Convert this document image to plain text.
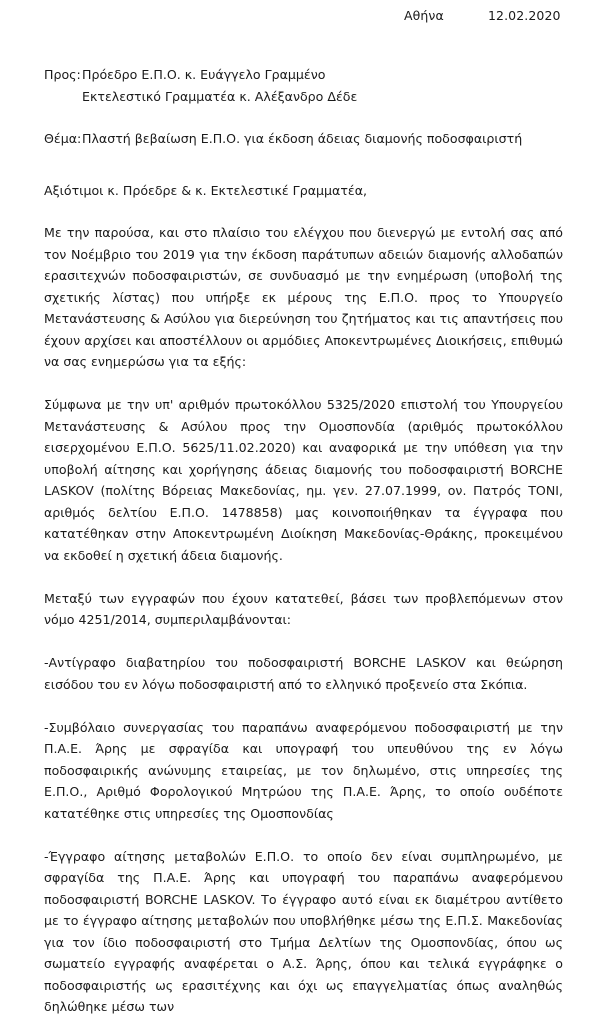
Αθήνα	12.02.2020
Προς: Πρόεδρο Ε.Π.Ο. κ. Ευάγγελο Γραμμένο
Εκτελεστικό Γραμματέα κ. Αλέξανδρο Δέδε
Θέμα: Πλαστή βεβαίωση Ε.Π.Ο. για έκδοση άδειας διαμονής ποδοσφαιριστή
Αξιότιμοι κ. Πρόεδρε & κ. Εκτελεστικέ Γραμματέα,

Με την παρούσα, και στο πλαίσιο του ελέγχου που διενεργώ με εντολή σας από τον Νοέμβριο του 2019 για την έκδοση παράτυπων αδειών διαμονής αλλοδαπών ερασιτεχνών ποδοσφαιριστών, σε συνδυασμό με την ενημέρωση (υποβολή της σχετικής λίστας) που υπήρξε εκ μέρους της Ε.Π.Ο. προς το Υπουργείο Μετανάστευσης & Ασύλου για διερεύνηση του ζητήματος και τις απαντήσεις που έχουν αρχίσει και αποστέλλουν οι αρμόδιες Αποκεντρωμένες Διοικήσεις, επιθυμώ να σας ενημερώσω για τα εξής:

Σύμφωνα με την υπ' αριθμόν πρωτοκόλλου 5325/2020 επιστολή του Υπουργείου Μετανάστευσης & Ασύλου προς την Ομοσπονδία (αριθμός πρωτοκόλλου εισερχομένου Ε.Π.Ο. 5625/11.02.2020) και αναφορικά με την υπόθεση για την υποβολή αίτησης και χορήγησης άδειας διαμονής του ποδοσφαιριστή BORCHE LASKOV (πολίτης Βόρειας Μακεδονίας, ημ. γεν. 27.07.1999, ον. Πατρός TONI, αριθμός δελτίου Ε.Π.Ο. 1478858) μας κοινοποιήθηκαν τα έγγραφα που κατατέθηκαν στην Αποκεντρωμένη Διοίκηση Μακεδονίας-Θράκης, προκειμένου να εκδοθεί η σχετική άδεια διαμονής.

Μεταξύ των εγγραφών που έχουν κατατεθεί, βάσει των προβλεπόμενων στον νόμο 4251/2014, συμπεριλαμβάνονται:

-Αντίγραφο διαβατηρίου του ποδοσφαιριστή BORCHE LASKOV και θεώρηση εισόδου του εν λόγω ποδοσφαιριστή από το ελληνικό προξενείο στα Σκόπια.

-Συμβόλαιο συνεργασίας του παραπάνω αναφερόμενου ποδοσφαιριστή με την Π.Α.Ε. Άρης με σφραγίδα και υπογραφή του υπευθύνου της εν λόγω ποδοσφαιρικής ανώνυμης εταιρείας, με τον δηλωμένο, στις υπηρεσίες της Ε.Π.Ο., Αριθμό Φορολογικού Μητρώου της Π.Α.Ε. Άρης, το οποίο ουδέποτε κατατέθηκε στις υπηρεσίες της Ομοσπονδίας

-Έγγραφο αίτησης μεταβολών Ε.Π.Ο. το οποίο δεν είναι συμπληρωμένο, με σφραγίδα της Π.Α.Ε. Άρης και υπογραφή του παραπάνω αναφερόμενου ποδοσφαιριστή BORCHE LASKOV. Το έγγραφο αυτό είναι εκ διαμέτρου αντίθετο με το έγγραφο αίτησης μεταβολών που υποβλήθηκε μέσω της Ε.Π.Σ. Μακεδονίας για τον ίδιο ποδοσφαιριστή στο Τμήμα Δελτίων της Ομοσπονδίας, όπου ως σωματείο εγγραφής αναφέρεται ο Α.Σ. Άρης, όπου και τελικά εγγράφηκε ο ποδοσφαιριστής ως ερασιτέχνης και όχι ως επαγγελματίας όπως αναληθώς δηλώθηκε μέσω των
